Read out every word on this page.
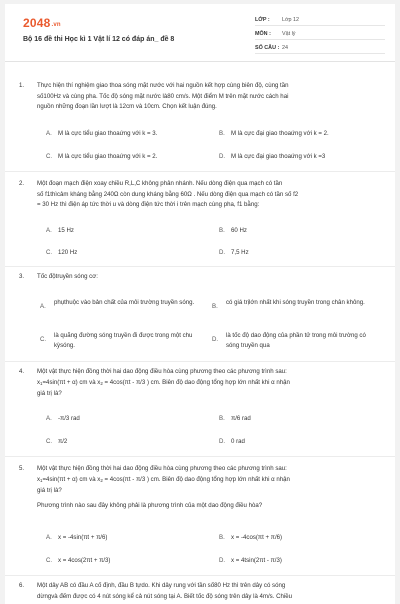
2048.vn
Bộ 16 đề thi Học kì 1 Vật lí 12 có đáp án_ đề 8
LỚP :	Lớp 12
MÔN :	Vật lý
SỐ CÂU : 24
1. Thực hiện thí nghiệm giao thoa sóng mặt nước với hai nguồn kết hợp cùng biên độ, cùng tần
số100Hz và cùng pha. Tốc độ sóng mặt nước là80 cm/s. Một điểm M trên mặt nước cách hai
nguồn những đoạn lần lượt là 12cm và 10cm. Chọn kết luận đúng.
A. M là cực tiểu giao thoaứng với k = 3.	B. M là cực đại giao thoaứng với k = 2.
C. M là cực tiểu giao thoaứng với k = 2.	D. M là cực đại giao thoaứng với k =3
2. Một đoạn mạch điện xoay chiều R,L,C không phân nhánh. Nếu dòng điện qua mạch có tần
số f1thìcảm kháng bằng 240Ω còn dung kháng bằng 60Ω . Nếu dòng điện qua mạch có tần số f2
= 30 Hz thì điện áp tức thời u và dòng điện tức thời i trên mạch cùng pha, f1 bằng:
A. 15 Hz	B. 60 Hz
C. 120 Hz	D. 7,5 Hz
3. Tốc độtruyền sóng cơ:
A.
phụthuộc vào bản chất của môi trường truyền sóng.
B.
có giá trịlớn nhất khi sóng truyền trong chân không.
C.
là quãng đường sóng truyền đi được trong một chu kỳsóng.
D.
là tốc độ dao động của phần tử trong môi trường có sóng truyền qua
4. Một vật thực hiện đồng thời hai dao động điều hòa cùng phương theo các phương trình sau:
$x_1=4\sin(\pi t + \alpha)$ cm và $x_2 = 4\cos(\pi t - \pi/3$ ) cm. Biên độ dao động tổng hợp lớn nhất khi α nhận
giá trị là?
A. -π/3 rad	B. π/6 rad
C. π/2	D. 0 rad
5. Một vật thực hiện đồng thời hai dao động điều hòa cùng phương theo các phương trình sau:
$x_1=4\sin(\pi t + \alpha)$ cm và $x_2 = 4\cos(\pi t - \pi/3$ ) cm. Biên độ dao động tổng hợp lớn nhất khi α nhận
giá trị là?
Phương trình nào sau đây không phải là phương trình của một dao động điều hòa?
A. x = -4sin(πt + π/6)	B. x = -4cos(πt + π/6)
C. x = 4cos(2πt + π/3)	D. x = 4tsin(2πt - π/3)
6. Một dây AB có đầu A cố định, đầu B tựdo. Khi dây rung với tần số80 Hz thì trên dây có sóng
dừngvà đếm được có 4 nút sóng kể cả nút sóng tại A. Biết tốc độ sóng trên dây là 4m/s. Chiều
